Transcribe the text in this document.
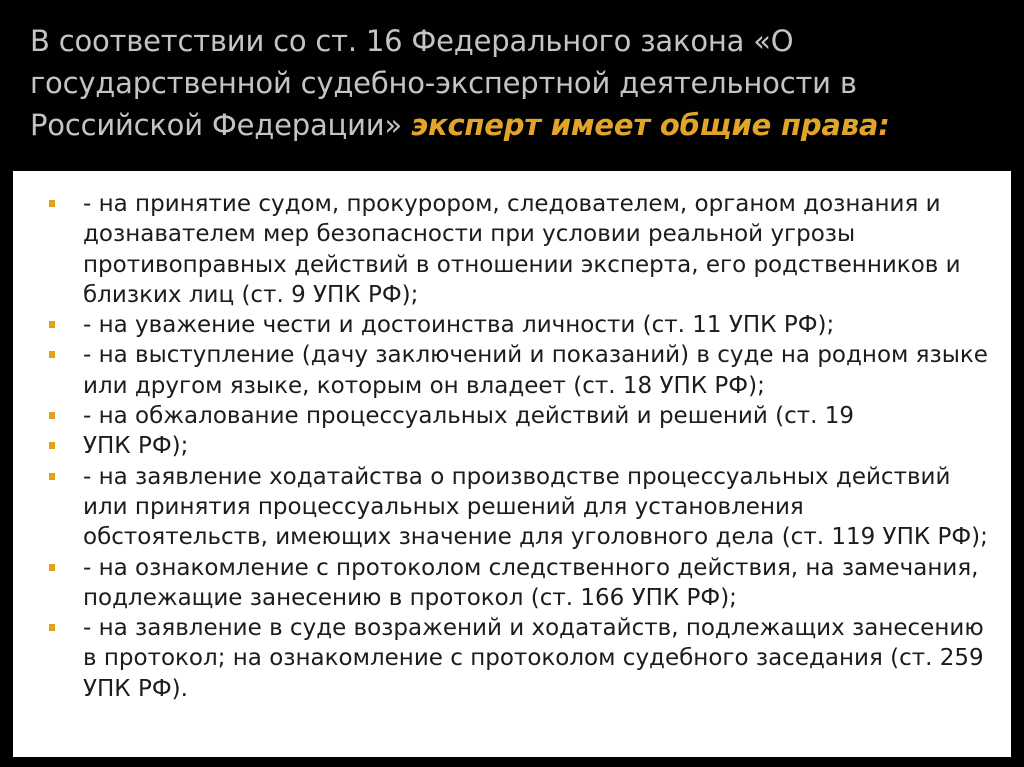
В соответствии со ст. 16 Федерального закона «О государственной судебно-экспертной деятельности в Российской Федерации» эксперт имеет общие права:
- на принятие судом, прокурором, следователем, органом дознания и дознавателем мер безопасности при условии реальной угрозы противоправных действий в отношении эксперта, его родственников и близких лиц (ст. 9 УПК РФ);
- на уважение чести и достоинства личности (ст. 11 УПК РФ);
- на выступление (дачу заключений и показаний) в суде на родном языке или другом языке, которым он владеет (ст. 18 УПК РФ);
- на обжалование процессуальных действий и решений (ст. 19
УПК РФ);
- на заявление ходатайства о производстве процессуальных действий или принятия процессуальных решений для установления обстоятельств, имеющих значение для уголовного дела (ст. 119 УПК РФ);
- на ознакомление с протоколом следственного действия, на замечания, подлежащие занесению в протокол (ст. 166 УПК РФ);
- на заявление в суде возражений и ходатайств, подлежащих занесению в протокол; на ознакомление с протоколом судебного заседания (ст. 259 УПК РФ).
